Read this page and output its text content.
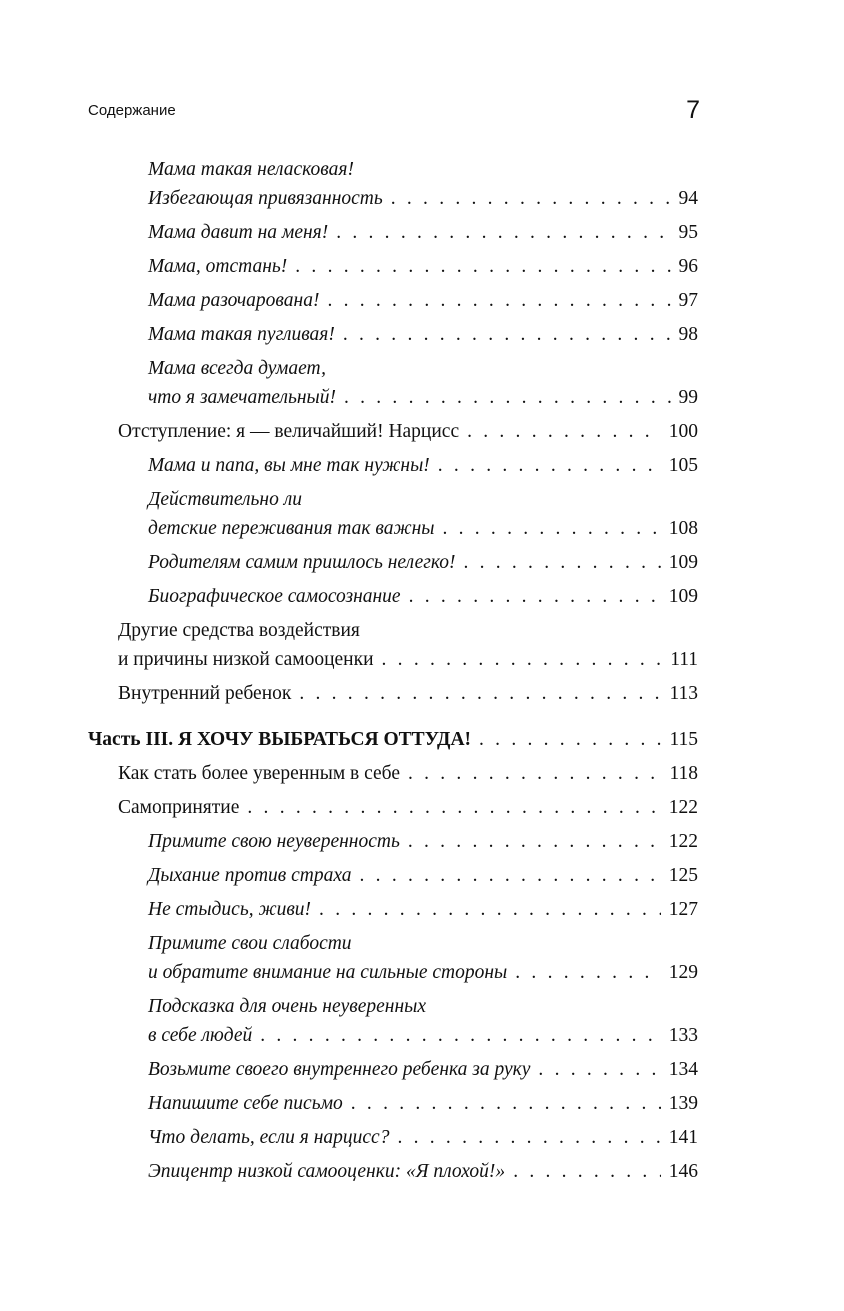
Содержание	7
Мама такая неласковая!
Избегающая привязанность . . .	94
Мама давит на меня! . . .	95
Мама, отстань! . . .	96
Мама разочарована! . . .	97
Мама такая пугливая! . . .	98
Мама всегда думает,
что я замечательный! . . .	99
Отступление: я — величайший! Нарцисс . . .	100
Мама и папа, вы мне так нужны! . . .	105
Действительно ли
детские переживания так важны . . .	108
Родителям самим пришлось нелегко! . . .	109
Биографическое самосознание . . .	109
Другие средства воздействия
и причины низкой самооценки . . .	111
Внутренний ребенок . . .	113
Часть III. Я ХОЧУ ВЫБРАТЬСЯ ОТТУДА! . . .	115
Как стать более уверенным в себе . . .	118
Самопринятие . . .	122
Примите свою неуверенность . . .	122
Дыхание против страха . . .	125
Не стыдись, живи! . . .	127
Примите свои слабости
и обратите внимание на сильные стороны . . .	129
Подсказка для очень неуверенных
в себе людей . . .	133
Возьмите своего внутреннего ребенка за руку . . .	134
Напишите себе письмо . . .	139
Что делать, если я нарцисс? . . .	141
Эпицентр низкой самооценки: «Я плохой!» . . .	146
